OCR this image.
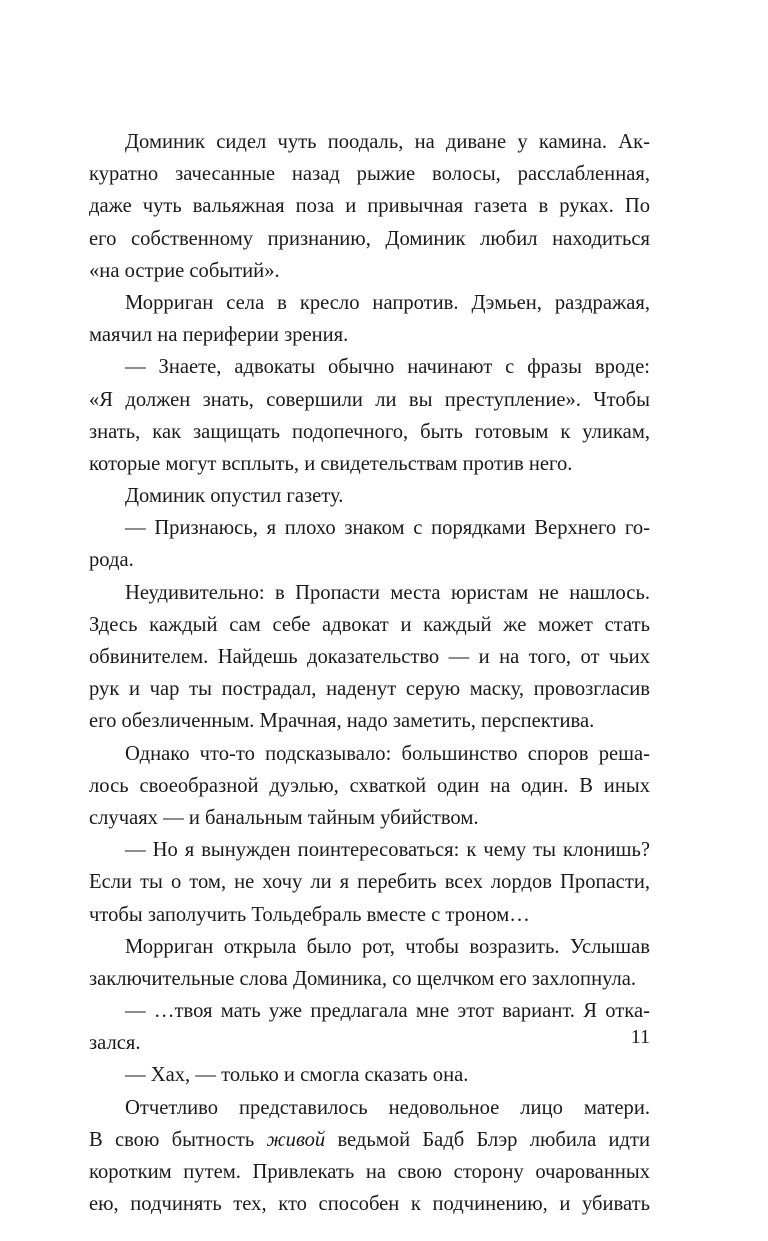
Доминик сидел чуть поодаль, на диване у камина. Ак-
куратно зачесанные назад рыжие волосы, расслабленная,
даже чуть вальяжная поза и привычная газета в руках. По
его собственному признанию, Доминик любил находиться
«на острие событий».
Морриган села в кресло напротив. Дэмьен, раздражая,
маячил на периферии зрения.
— Знаете, адвокаты обычно начинают с фразы вроде:
«Я должен знать, совершили ли вы преступление». Чтобы
знать, как защищать подопечного, быть готовым к уликам,
которые могут всплыть, и свидетельствам против него.
Доминик опустил газету.
— Признаюсь, я плохо знаком с порядками Верхнего го-
рода.
Неудивительно: в Пропасти места юристам не нашлось.
Здесь каждый сам себе адвокат и каждый же может стать
обвинителем. Найдешь доказательство — и на того, от чьих
рук и чар ты пострадал, наденут серую маску, провозгласив
его обезличенным. Мрачная, надо заметить, перспектива.
Однако что-то подсказывало: большинство споров реша-
лось своеобразной дуэлью, схваткой один на один. В иных
случаях — и банальным тайным убийством.
— Но я вынужден поинтересоваться: к чему ты клонишь?
Если ты о том, не хочу ли я перебить всех лордов Пропасти,
чтобы заполучить Тольдебраль вместе с троном…
Морриган открыла было рот, чтобы возразить. Услышав
заключительные слова Доминика, со щелчком его захлопнула.
— …твоя мать уже предлагала мне этот вариант. Я отка-
зался.
— Хах, — только и смогла сказать она.
Отчетливо представилось недовольное лицо матери.
В свою бытность живой ведьмой Бадб Блэр любила идти
коротким путем. Привлекать на свою сторону очарованных
ею, подчинять тех, кто способен к подчинению, и убивать
11
